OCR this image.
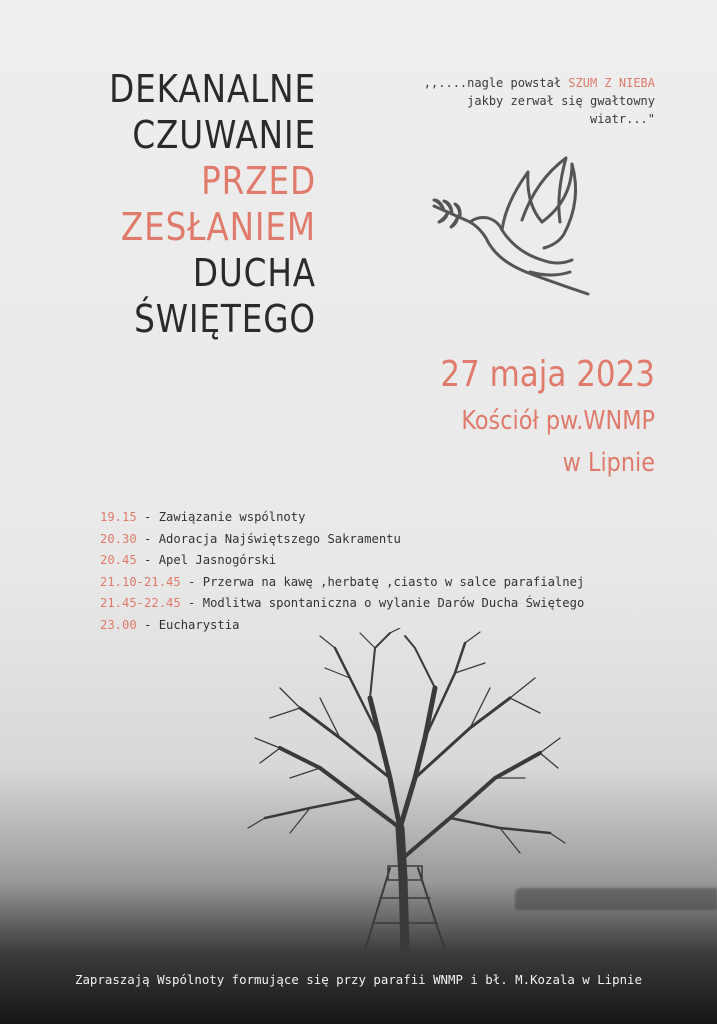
DEKANALNE
CZUWANIE
PRZED
ZESŁANIEM
DUCHA
ŚWIĘTEGO
,,....nagle powstał SZUM Z NIEBA
jakby zerwał się gwałtowny
wiatr..."
27 maja 2023
Kościół pw.WNMP
w Lipnie
19.15 - Zawiązanie wspólnoty
20.30 - Adoracja Najświętszego Sakramentu
20.45 - Apel Jasnogórski
21.10-21.45 - Przerwa na kawę ,herbatę ,ciasto w salce parafialnej
21.45-22.45 - Modlitwa spontaniczna o wylanie Darów Ducha Świętego
23.00 - Eucharystia
Zapraszają Wspólnoty formujące się przy parafii WNMP i bł. M.Kozala w Lipnie
